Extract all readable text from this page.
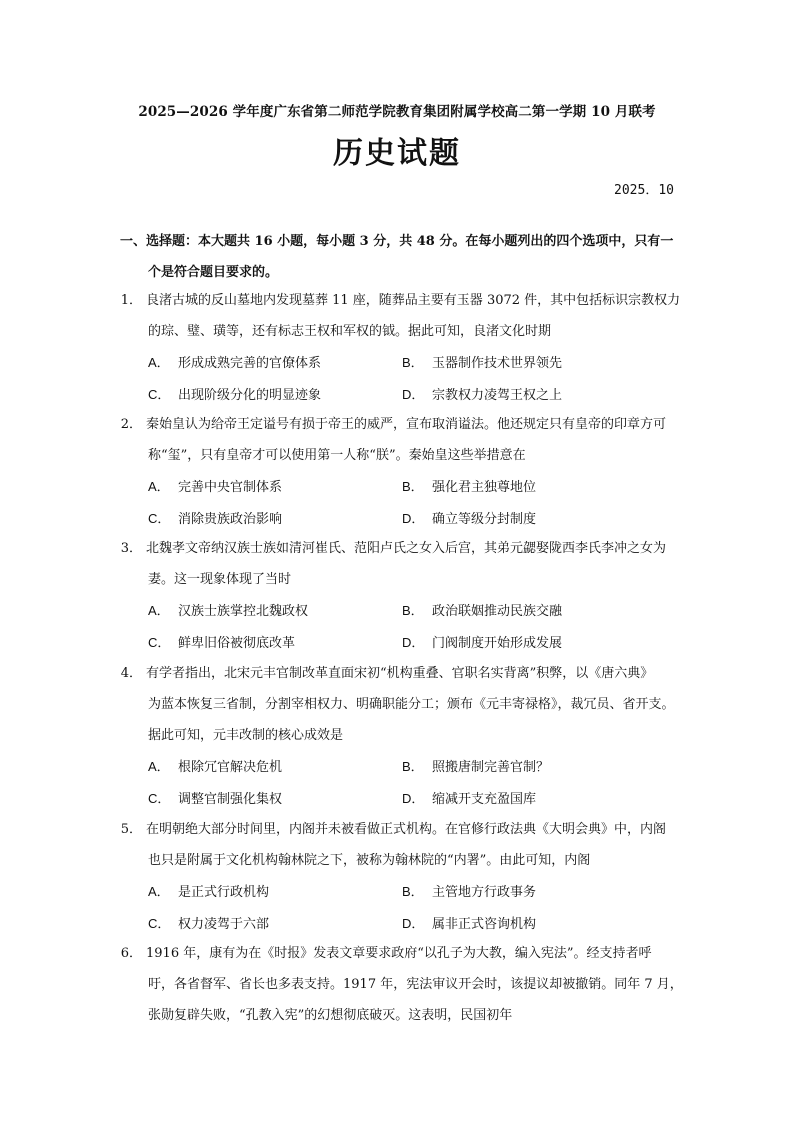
2025—2026 学年度广东省第二师范学院教育集团附属学校高二第一学期 10 月联考
历史试题
2025．10
一、选择题：本大题共 16 小题，每小题 3 分，共 48 分。在每小题列出的四个选项中，只有一
个是符合题目要求的。
1． 良渚古城的反山墓地内发现墓葬 11 座，随葬品主要有玉器 3072 件，其中包括标识宗教权力
的琮、璧、璜等，还有标志王权和军权的钺。据此可知，良渚文化时期
A． 形成成熟完善的官僚体系	B． 玉器制作技术世界领先
C． 出现阶级分化的明显迹象	D． 宗教权力凌驾王权之上
2． 秦始皇认为给帝王定谥号有损于帝王的威严，宣布取消谥法。他还规定只有皇帝的印章方可
称“玺”，只有皇帝才可以使用第一人称“朕”。秦始皇这些举措意在
A． 完善中央官制体系	B． 强化君主独尊地位
C． 消除贵族政治影响	D． 确立等级分封制度
3． 北魏孝文帝纳汉族士族如清河崔氏、范阳卢氏之女入后宫，其弟元勰娶陇西李氏李冲之女为
妻。这一现象体现了当时
A． 汉族士族掌控北魏政权	B． 政治联姻推动民族交融
C． 鲜卑旧俗被彻底改革	D． 门阀制度开始形成发展
4． 有学者指出，北宋元丰官制改革直面宋初“机构重叠、官职名实背离”积弊，以《唐六典》
为蓝本恢复三省制，分割宰相权力、明确职能分工；颁布《元丰寄禄格》，裁冗员、省开支。
据此可知，元丰改制的核心成效是
A． 根除冗官解决危机	B． 照搬唐制完善官制？
C． 调整官制强化集权	D． 缩减开支充盈国库
5． 在明朝绝大部分时间里，内阁并未被看做正式机构。在官修行政法典《大明会典》中，内阁
也只是附属于文化机构翰林院之下，被称为翰林院的“内署”。由此可知，内阁
A． 是正式行政机构	B． 主管地方行政事务
C． 权力凌驾于六部	D． 属非正式咨询机构
6． 1916 年，康有为在《时报》发表文章要求政府“以孔子为大教，编入宪法”。经支持者呼
吁，各省督军、省长也多表支持。1917 年，宪法审议开会时，该提议却被撤销。同年 7 月，
张勋复辟失败，“孔教入宪”的幻想彻底破灭。这表明，民国初年
